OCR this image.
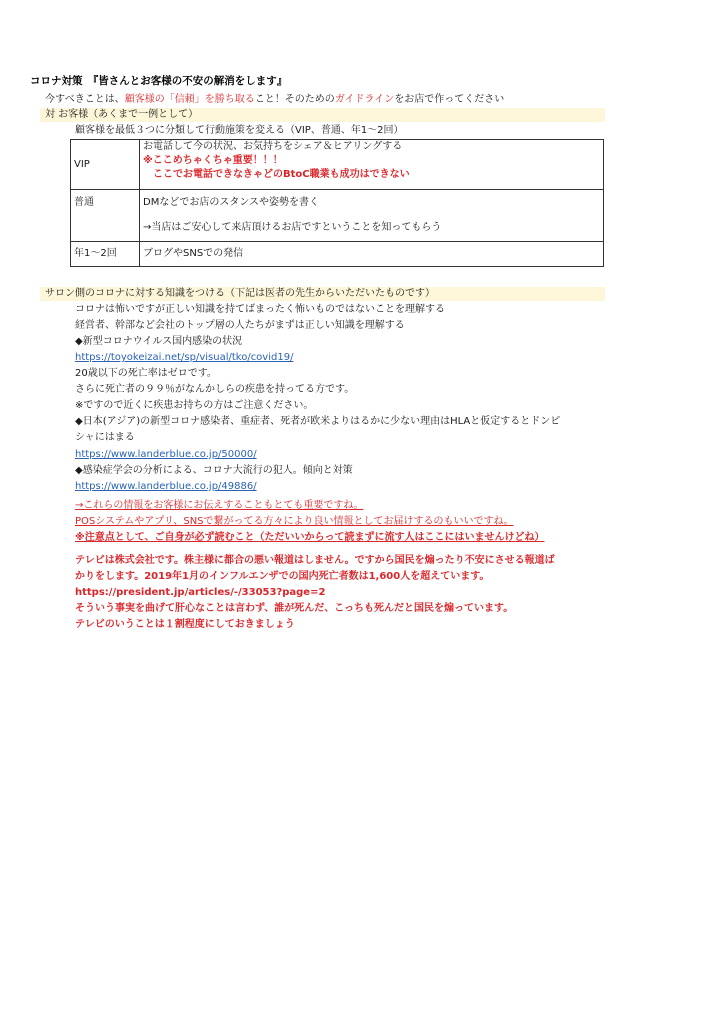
コロナ対策　『皆さんとお客様の不安の解消をします』
今すべきことは、顧客様の「信頼」を勝ち取ること！そのためのガイドラインをお店で作ってください
対 お客様（あくまで一例として）
顧客様を最低３つに分類して行動施策を変える（VIP、普通、年1〜2回）
VIP	お電話して今の状況、お気持ちをシェア＆ヒアリングする
※ここめちゃくちゃ重要！！！
　ここでお電話できなきゃどのBtoC職業も成功はできない

普通	DMなどでお店のスタンスや姿勢を書く
→当店はご安心して来店頂けるお店ですということを知ってもらう

年1〜2回	ブログやSNSでの発信
サロン側のコロナに対する知識をつける（下記は医者の先生からいただいたものです）
コロナは怖いですが正しい知識を持てばまったく怖いものではないことを理解する
経営者、幹部など会社のトップ層の人たちがまずは正しい知識を理解する
◆新型コロナウイルス国内感染の状況
https://toyokeizai.net/sp/visual/tko/covid19/
20歳以下の死亡率はゼロです。
さらに死亡者の９９％がなんかしらの疾患を持ってる方です。
※ですので近くに疾患お持ちの方はご注意ください。
◆日本(アジア)の新型コロナ感染者、重症者、死者が欧米よりはるかに少ない理由はHLAと仮定するとドンピ
シャにはまる
https://www.landerblue.co.jp/50000/
◆感染症学会の分析による、コロナ大流行の犯人。傾向と対策
https://www.landerblue.co.jp/49886/
→これらの情報をお客様にお伝えすることもとても重要ですね。
POSシステムやアプリ、SNSで繋がってる方々により良い情報としてお届けするのもいいですね。
※注意点として、ご自身が必ず読むこと（ただいいからって読まずに流す人はここにはいませんけどね）
テレビは株式会社です。株主様に都合の悪い報道はしません。ですから国民を煽ったり不安にさせる報道ば
かりをします。2019年1月のインフルエンザでの国内死亡者数は1,600人を超えています。
https://president.jp/articles/-/33053?page=2
そういう事実を曲げて肝心なことは言わず、誰が死んだ、こっちも死んだと国民を煽っています。
テレビのいうことは１割程度にしておきましょう
